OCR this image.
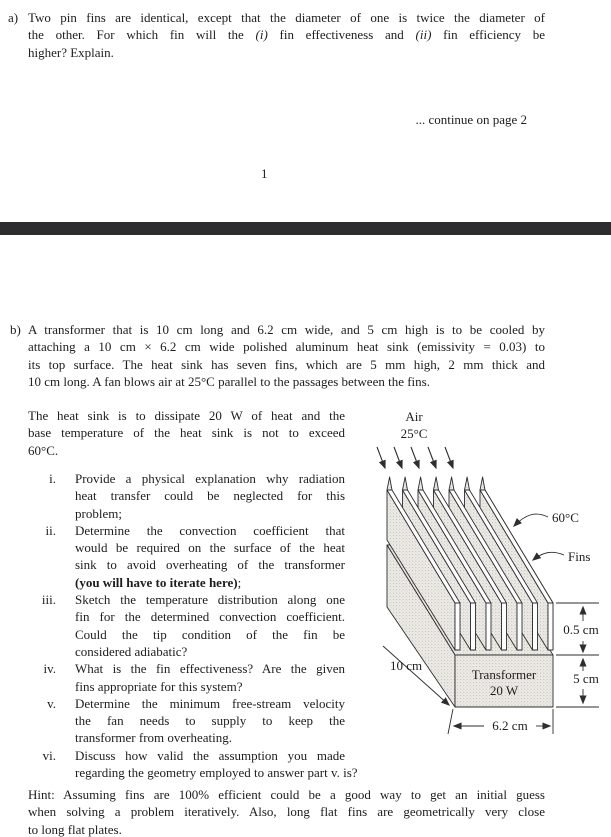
a) Two pin fins are identical, except that the diameter of one is twice the diameter of
the other. For which fin will the (i) fin effectiveness and (ii) fin efficiency be
higher? Explain.
... continue on page 2
1
b) A transformer that is 10 cm long and 6.2 cm wide, and 5 cm high is to be cooled by
attaching a 10 cm × 6.2 cm wide polished aluminum heat sink (emissivity = 0.03) to
its top surface. The heat sink has seven fins, which are 5 mm high, 2 mm thick and
10 cm long. A fan blows air at 25°C parallel to the passages between the fins.
The heat sink is to dissipate 20 W of heat and the
base temperature of the heat sink is not to exceed
60°C.
i. Provide a physical explanation why radiation
heat transfer could be neglected for this
problem;
ii. Determine the convection coefficient that
would be required on the surface of the heat
sink to avoid overheating of the transformer
(you will have to iterate here);
iii. Sketch the temperature distribution along one
fin for the determined convection coefficient.
Could the tip condition of the fin be
considered adiabatic?
iv. What is the fin effectiveness? Are the given
fins appropriate for this system?
v. Determine the minimum free-stream velocity
the fan needs to supply to keep the
transformer from overheating.
vi. Discuss how valid the assumption you made
regarding the geometry employed to answer part v. is?
Hint: Assuming fins are 100% efficient could be a good way to get an initial guess
when solving a problem iteratively. Also, long flat fins are geometrically very close
to long flat plates.
Air
25°C
Transformer
20 W
60°C
Fins
0.5 cm
5 cm
6.2 cm
10 cm
